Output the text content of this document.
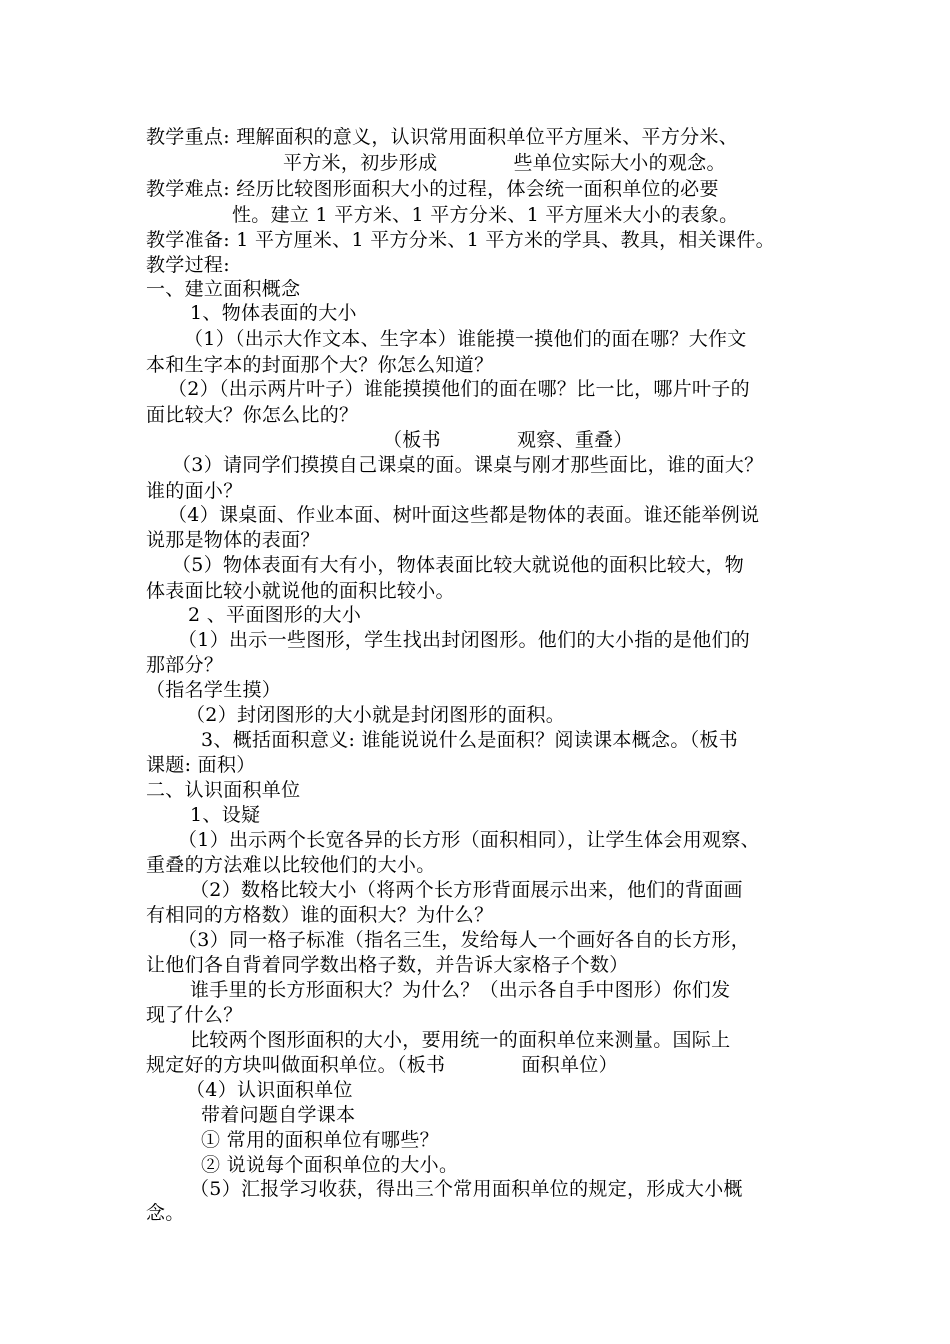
教学重点: 理解面积的意义，认识常用面积单位平方厘米、平方分米、
平方米，初步形成            些单位实际大小的观念。
教学难点: 经历比较图形面积大小的过程，体会统一面积单位的必要
性。建立 1 平方米、1 平方分米、1 平方厘米大小的表象。
教学准备: 1 平方厘米、1 平方分米、1 平方米的学具、教具，相关课件。
教学过程:
一、建立面积概念
1、物体表面的大小
（1）（出示大作文本、生字本）谁能摸一摸他们的面在哪？大作文
本和生字本的封面那个大？你怎么知道？
（2）（出示两片叶子）谁能摸摸他们的面在哪？比一比，哪片叶子的
面比较大？你怎么比的？
（板书            观察、重叠）
（3）请同学们摸摸自己课桌的面。课桌与刚才那些面比，谁的面大？
谁的面小？
（4）课桌面、作业本面、树叶面这些都是物体的表面。谁还能举例说
说那是物体的表面？
（5）物体表面有大有小，物体表面比较大就说他的面积比较大，物
体表面比较小就说他的面积比较小。
2 、平面图形的大小
（1）出示一些图形，学生找出封闭图形。他们的大小指的是他们的
那部分？
（指名学生摸）
（2）封闭图形的大小就是封闭图形的面积。
3、概括面积意义: 谁能说说什么是面积？阅读课本概念。（板书
课题: 面积）
二、认识面积单位
1、设疑
（1）出示两个长宽各异的长方形（面积相同），让学生体会用观察、
重叠的方法难以比较他们的大小。
（2）数格比较大小（将两个长方形背面展示出来，他们的背面画
有相同的方格数）谁的面积大？为什么？
（3）同一格子标准（指名三生，发给每人一个画好各自的长方形，
让他们各自背着同学数出格子数，并告诉大家格子个数）
谁手里的长方形面积大？为什么？（出示各自手中图形）你们发
现了什么？
比较两个图形面积的大小，要用统一的面积单位来测量。国际上
规定好的方块叫做面积单位。（板书            面积单位）
（4）认识面积单位
带着问题自学课本
① 常用的面积单位有哪些？
② 说说每个面积单位的大小。
（5）汇报学习收获，得出三个常用面积单位的规定，形成大小概
念。
